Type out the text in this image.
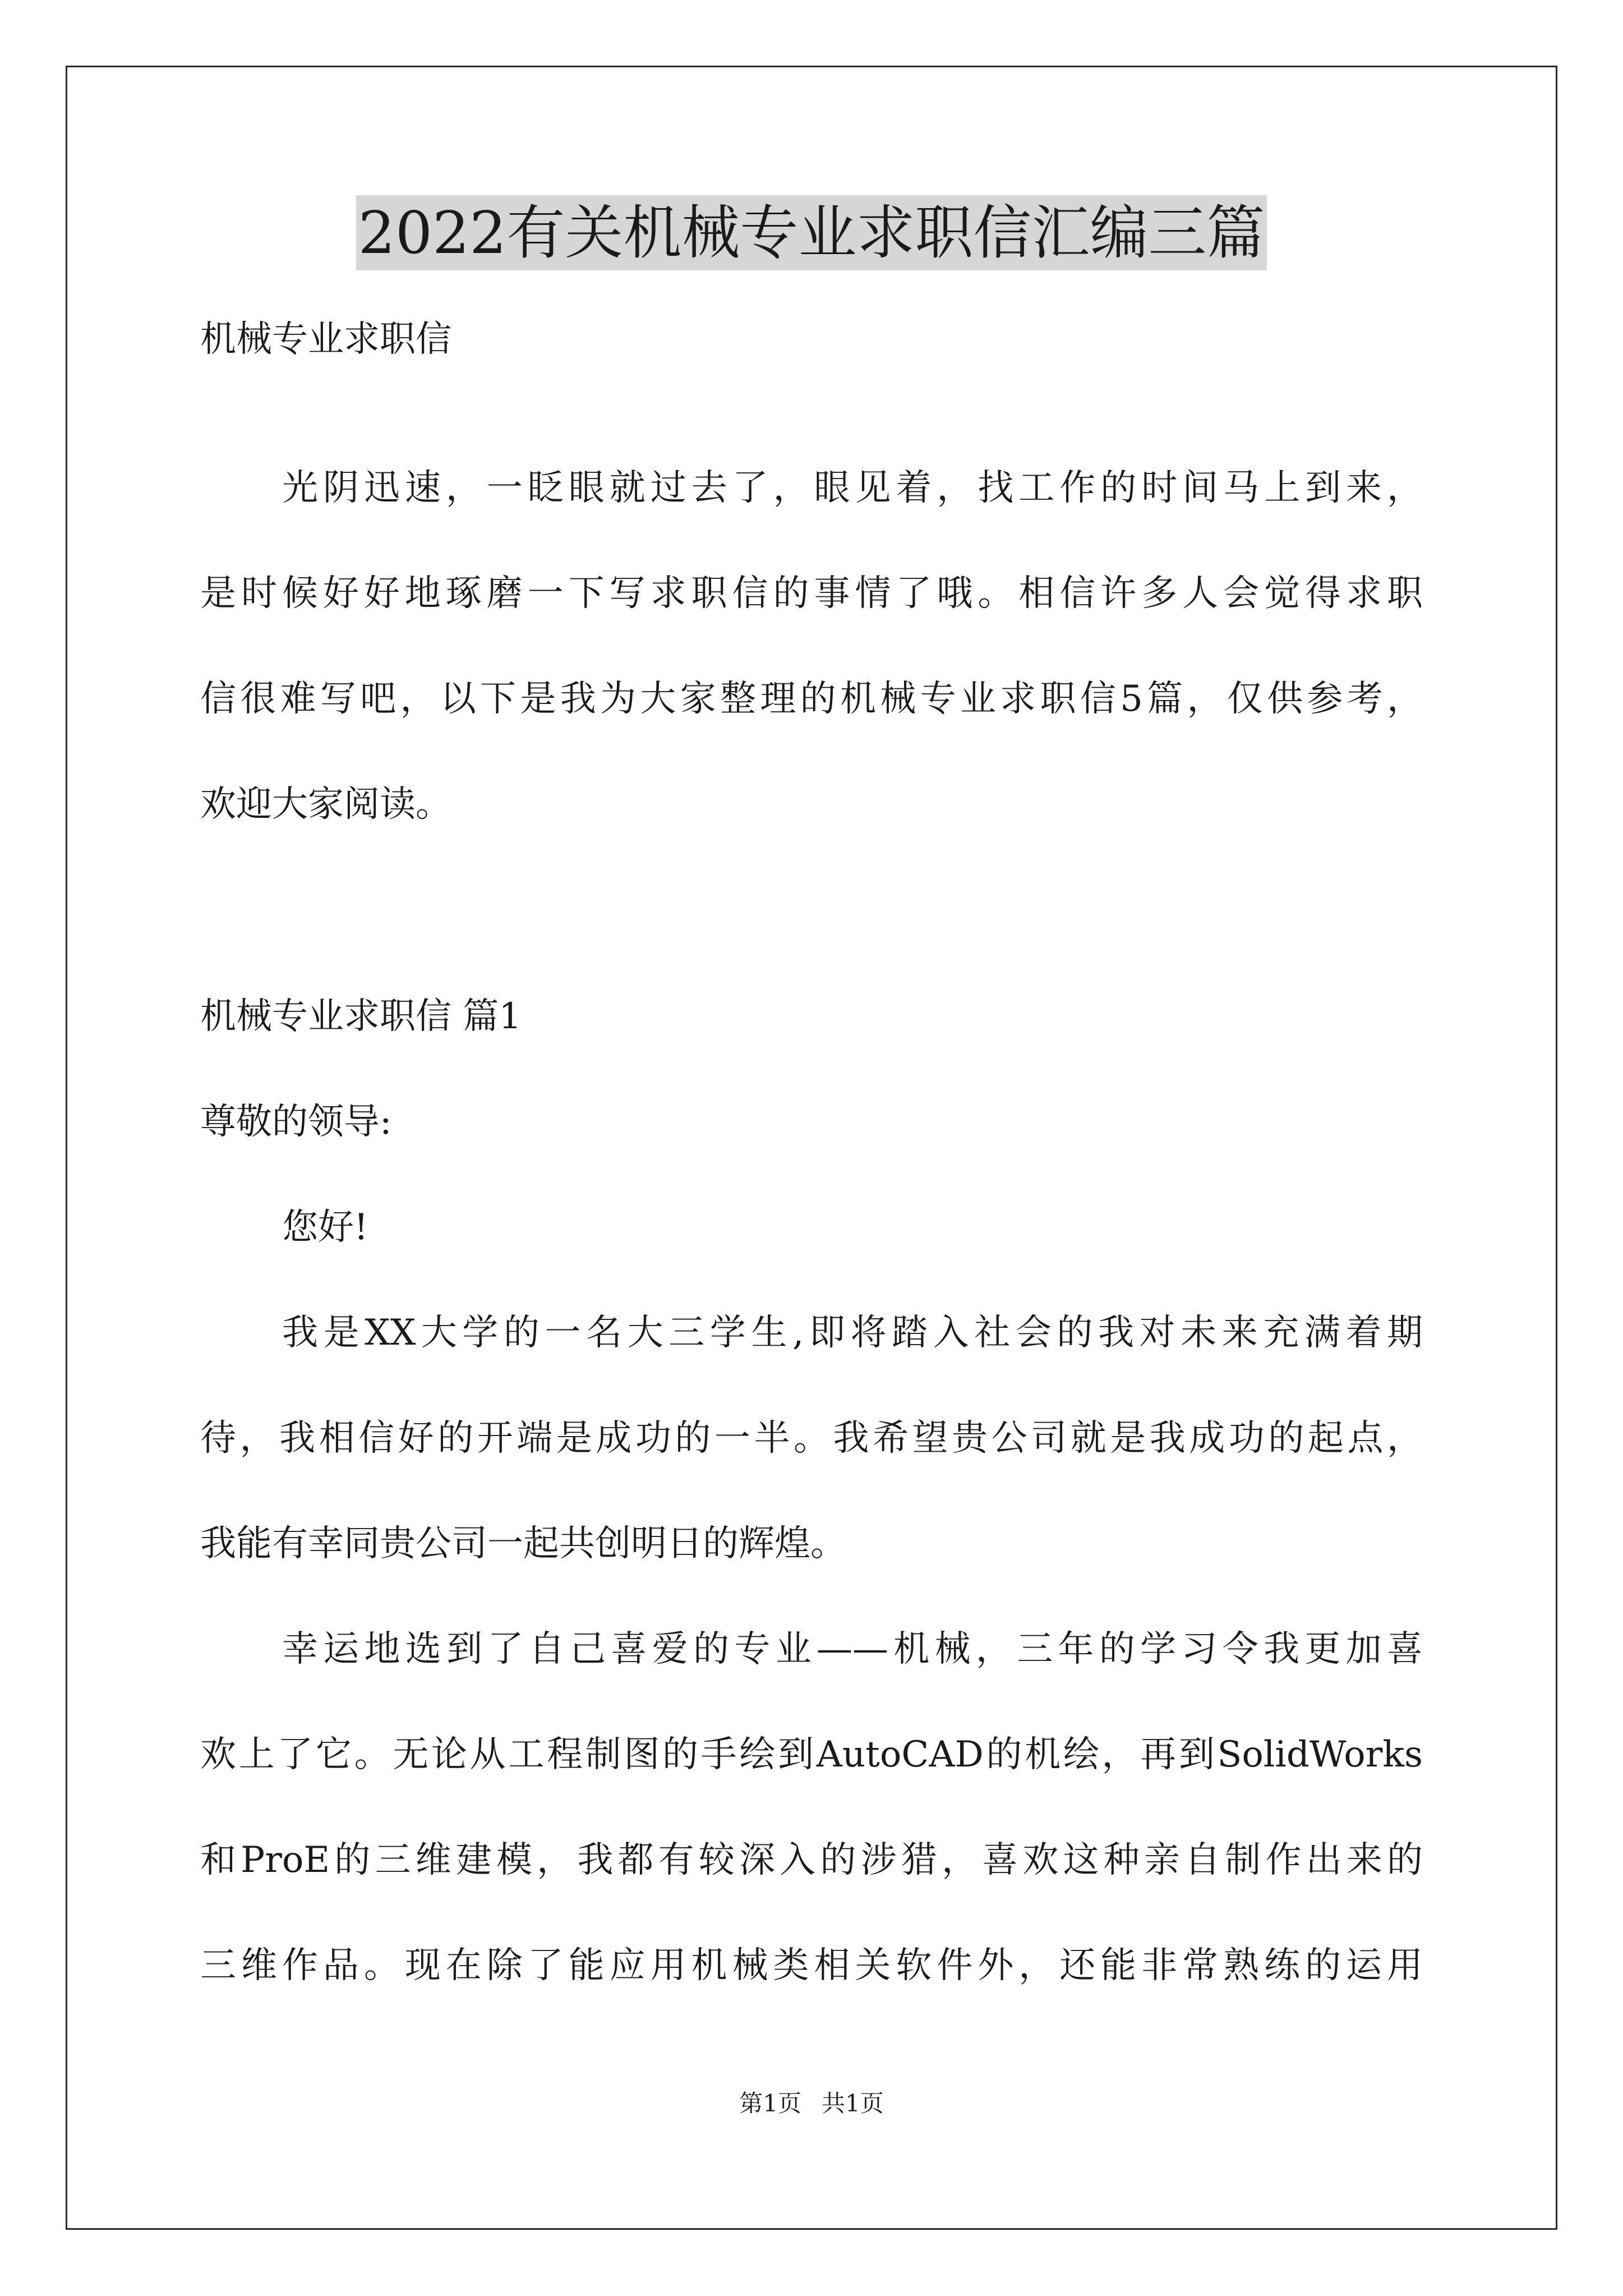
2022有关机械专业求职信汇编三篇

机械专业求职信

光阴迅速，一眨眼就过去了，眼见着，找工作的时间马上到来，

是时候好好地琢磨一下写求职信的事情了哦。相信许多人会觉得求职

信很难写吧，以下是我为大家整理的机械专业求职信5篇，仅供参考，

欢迎大家阅读。

机械专业求职信 篇1

尊敬的领导:

您好!

我是XX大学的一名大三学生,即将踏入社会的我对未来充满着期

待，我相信好的开端是成功的一半。我希望贵公司就是我成功的起点，

我能有幸同贵公司一起共创明日的辉煌。

幸运地选到了自己喜爱的专业——机械，三年的学习令我更加喜

欢上了它。无论从工程制图的手绘到AutoCAD的机绘，再到SolidWorks

和ProE的三维建模，我都有较深入的涉猎，喜欢这种亲自制作出来的

三维作品。现在除了能应用机械类相关软件外，还能非常熟练的运用

第1页 共1页
